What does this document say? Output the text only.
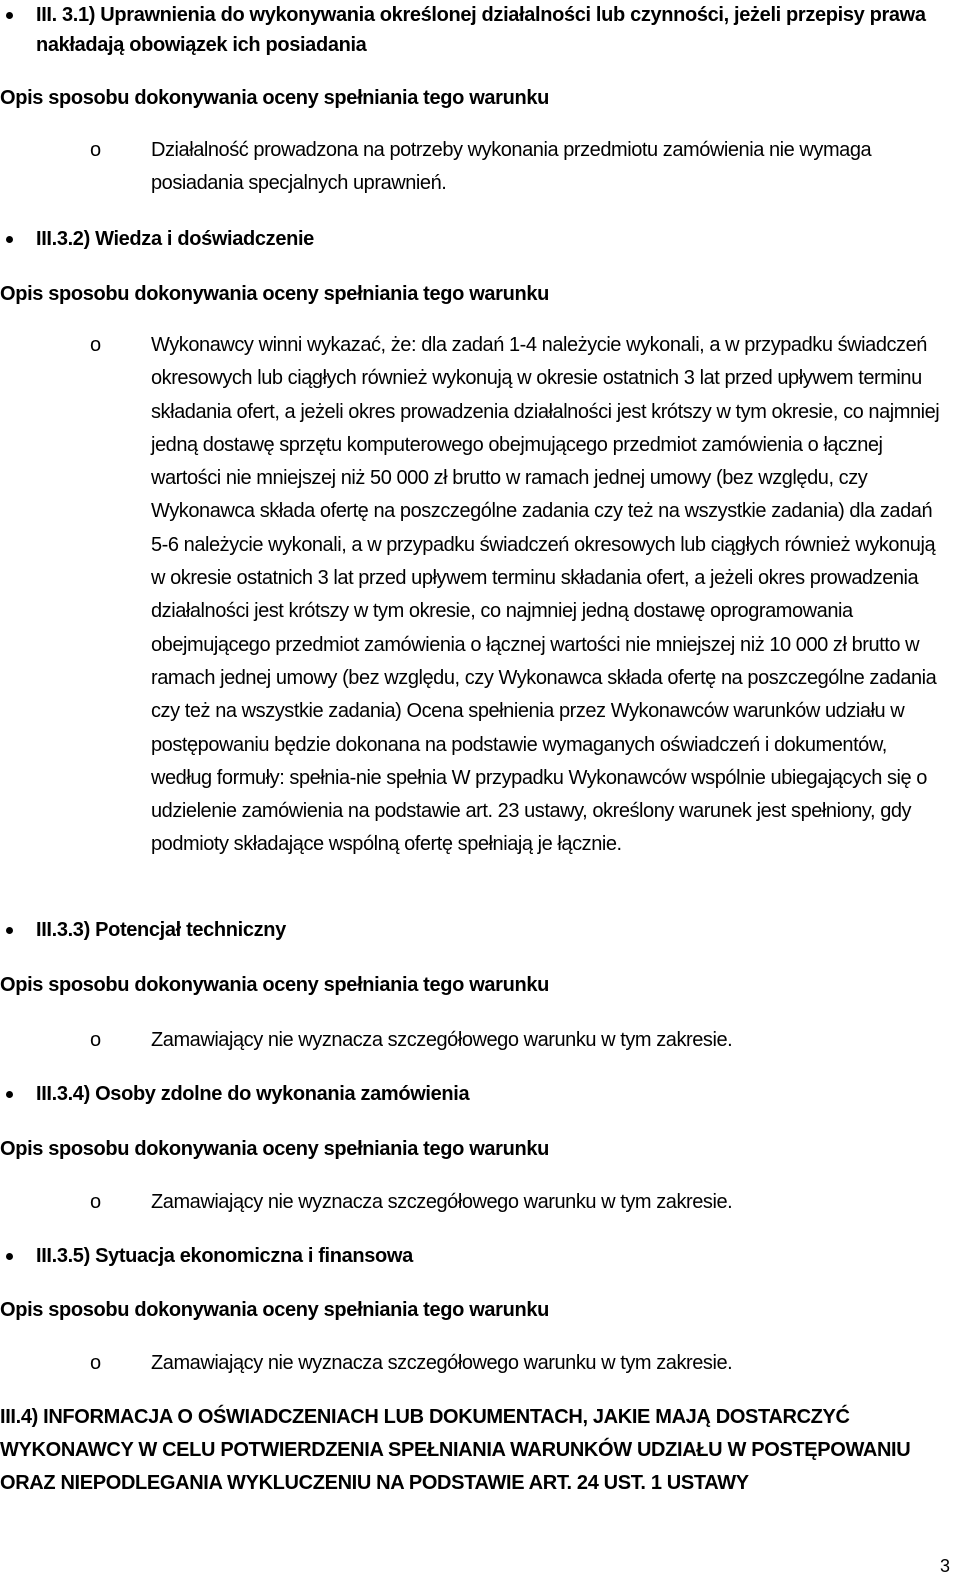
III. 3.1) Uprawnienia do wykonywania określonej działalności lub czynności, jeżeli przepisy prawa nakładają obowiązek ich posiadania
Opis sposobu dokonywania oceny spełniania tego warunku
o	Działalność prowadzona na potrzeby wykonania przedmiotu zamówienia nie wymaga posiadania specjalnych uprawnień.
III.3.2) Wiedza i doświadczenie
Opis sposobu dokonywania oceny spełniania tego warunku
o	Wykonawcy winni wykazać, że: dla zadań 1-4 należycie wykonali, a w przypadku świadczeń okresowych lub ciągłych również wykonują w okresie ostatnich 3 lat przed upływem terminu składania ofert, a jeżeli okres prowadzenia działalności jest krótszy w tym okresie, co najmniej jedną dostawę sprzętu komputerowego obejmującego przedmiot zamówienia o łącznej wartości nie mniejszej niż 50 000 zł brutto w ramach jednej umowy (bez względu, czy Wykonawca składa ofertę na poszczególne zadania czy też na wszystkie zadania) dla zadań 5-6 należycie wykonali, a w przypadku świadczeń okresowych lub ciągłych również wykonują w okresie ostatnich 3 lat przed upływem terminu składania ofert, a jeżeli okres prowadzenia działalności jest krótszy w tym okresie, co najmniej jedną dostawę oprogramowania obejmującego przedmiot zamówienia o łącznej wartości nie mniejszej niż 10 000 zł brutto w ramach jednej umowy (bez względu, czy Wykonawca składa ofertę na poszczególne zadania czy też na wszystkie zadania) Ocena spełnienia przez Wykonawców warunków udziału w postępowaniu będzie dokonana na podstawie wymaganych oświadczeń i dokumentów, według formuły: spełnia-nie spełnia W przypadku Wykonawców wspólnie ubiegających się o udzielenie zamówienia na podstawie art. 23 ustawy, określony warunek jest spełniony, gdy podmioty składające wspólną ofertę spełniają je łącznie.
III.3.3) Potencjał techniczny
Opis sposobu dokonywania oceny spełniania tego warunku
o	Zamawiający nie wyznacza szczegółowego warunku w tym zakresie.
III.3.4) Osoby zdolne do wykonania zamówienia
Opis sposobu dokonywania oceny spełniania tego warunku
o	Zamawiający nie wyznacza szczegółowego warunku w tym zakresie.
III.3.5) Sytuacja ekonomiczna i finansowa
Opis sposobu dokonywania oceny spełniania tego warunku
o	Zamawiający nie wyznacza szczegółowego warunku w tym zakresie.
III.4) INFORMACJA O OŚWIADCZENIACH LUB DOKUMENTACH, JAKIE MAJĄ DOSTARCZYĆ WYKONAWCY W CELU POTWIERDZENIA SPEŁNIANIA WARUNKÓW UDZIAŁU W POSTĘPOWANIU ORAZ NIEPODLEGANIA WYKLUCZENIU NA PODSTAWIE ART. 24 UST. 1 USTAWY
3
